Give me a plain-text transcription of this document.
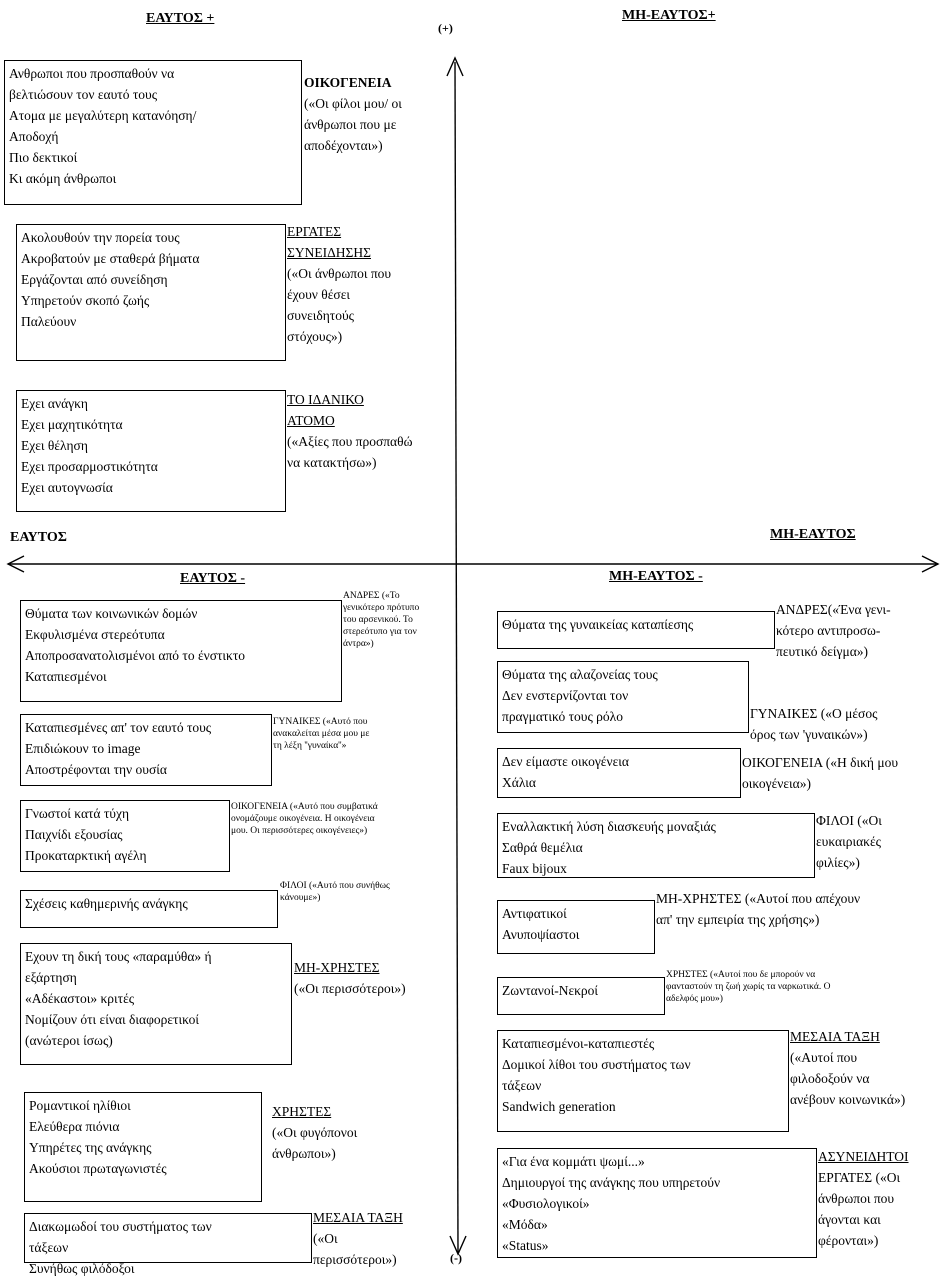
(+)
(-)
ΕΑΥΤΟΣ	ΜΗ-ΕΑΥΤΟΣ
ΕΑΥΤΟΣ +	ΜΗ-ΕΑΥΤΟΣ+
ΕΑΥΤΟΣ -	ΜΗ-ΕΑΥΤΟΣ -
Ανθρωποι που προσπαθούν να
βελτιώσουν τον εαυτό τους
Ατομα με μεγαλύτερη κατανόηση/
Αποδοχή
Πιο δεκτικοί
Κι ακόμη άνθρωποι
ΟΙΚΟΓΕΝΕΙΑ
(«Οι φίλοι μου/ οι
άνθρωποι που με
αποδέχονται»)
Ακολουθούν την πορεία τους
Ακροβατούν με σταθερά βήματα
Εργάζονται από συνείδηση
Υπηρετούν σκοπό ζωής
Παλεύουν
ΕΡΓΑΤΕΣ
ΣΥΝΕΙΔΗΣΗΣ
(«Οι άνθρωποι που
έχουν θέσει
συνειδητούς
στόχους»)
Εχει ανάγκη
Εχει μαχητικότητα
Εχει θέληση
Εχει προσαρμοστικότητα
Εχει αυτογνωσία
ΤΟ ΙΔΑΝΙΚΟ
ΑΤΟΜΟ
(«Αξίες που προσπαθώ
να κατακτήσω»)
Θύματα των κοινωνικών δομών
Εκφυλισμένα στερεότυπα
Αποπροσανατολισμένοι από το ένστικτο
Καταπιεσμένοι
ΑΝΔΡΕΣ («Το
γενικότερο πρότυπο
του αρσενικού. Το
στερεότυπο για τον
άντρα»)
Καταπιεσμένες απ' τον εαυτό τους
Επιδιώκουν το image
Αποστρέφονται την ουσία
ΓΥΝΑΙΚΕΣ («Αυτό που
ανακαλείται μέσα μου με
τη λέξη ''γυναίκα''»
Γνωστοί κατά τύχη
Παιχνίδι εξουσίας
Προκαταρκτική αγέλη
ΟΙΚΟΓΕΝΕΙΑ («Αυτό που συμβατικά
ονομάζουμε οικογένεια. Η οικογένεια
μου. Οι περισσότερες οικογένειες»)
Σχέσεις καθημερινής ανάγκης
ΦΙΛΟΙ («Αυτό που συνήθως
κάνουμε»)
Εχουν τη δική τους «παραμύθα» ή
εξάρτηση
«Αδέκαστοι» κριτές
Νομίζουν ότι είναι διαφορετικοί
(ανώτεροι ίσως)
ΜΗ-ΧΡΗΣΤΕΣ
(«Οι περισσότεροι»)
Ρομαντικοί ηλίθιοι
Ελεύθερα πιόνια
Υπηρέτες της ανάγκης
Ακούσιοι πρωταγωνιστές
ΧΡΗΣΤΕΣ
(«Οι φυγόπονοι
άνθρωποι»)
Διακωμωδοί του συστήματος των
τάξεων
Συνήθως φιλόδοξοι
ΜΕΣΑΙΑ ΤΑΞΗ
(«Οι
περισσότεροι»)
Θύματα της γυναικείας καταπίεσης
ΑΝΔΡΕΣ(«Ένα γενι-
κότερο αντιπροσω-
πευτικό δείγμα»)
Θύματα της αλαζονείας τους
Δεν ενστερνίζονται τον
πραγματικό τους ρόλο	ΓΥΝΑΙΚΕΣ («Ο μέσος
όρος των 'γυναικών»)
Δεν είμαστε οικογένεια
Χάλια
ΟΙΚΟΓΕΝΕΙΑ («Η δική μου
οικογένεια»)
Εναλλακτική λύση διασκευής μοναξιάς
Σαθρά θεμέλια
Faux bijoux
ΦΙΛΟΙ («Οι
ευκαιριακές
φιλίες»)
Αντιφατικοί
Ανυποψίαστοι
ΜΗ-ΧΡΗΣΤΕΣ («Αυτοί που απέχουν
απ' την εμπειρία της χρήσης»)
Ζωντανοί-Νεκροί
ΧΡΗΣΤΕΣ («Αυτοί που δε μπορούν να
φανταστούν τη ζωή χωρίς τα ναρκωτικά. Ο
αδελφός μου»)
Καταπιεσμένοι-καταπιεστές
Δομικοί λίθοι του συστήματος των
τάξεων
Sandwich generation
ΜΕΣΑΙΑ ΤΑΞΗ
(«Αυτοί που
φιλοδοξούν να
ανέβουν κοινωνικά»)
«Για ένα κομμάτι ψωμί...»
Δημιουργοί της ανάγκης που υπηρετούν
«Φυσιολογικοί»
«Μόδα»
«Status»
ΑΣΥΝΕΙΔΗΤΟΙ
ΕΡΓΑΤΕΣ («Οι
άνθρωποι που
άγονται και
φέρονται»)
